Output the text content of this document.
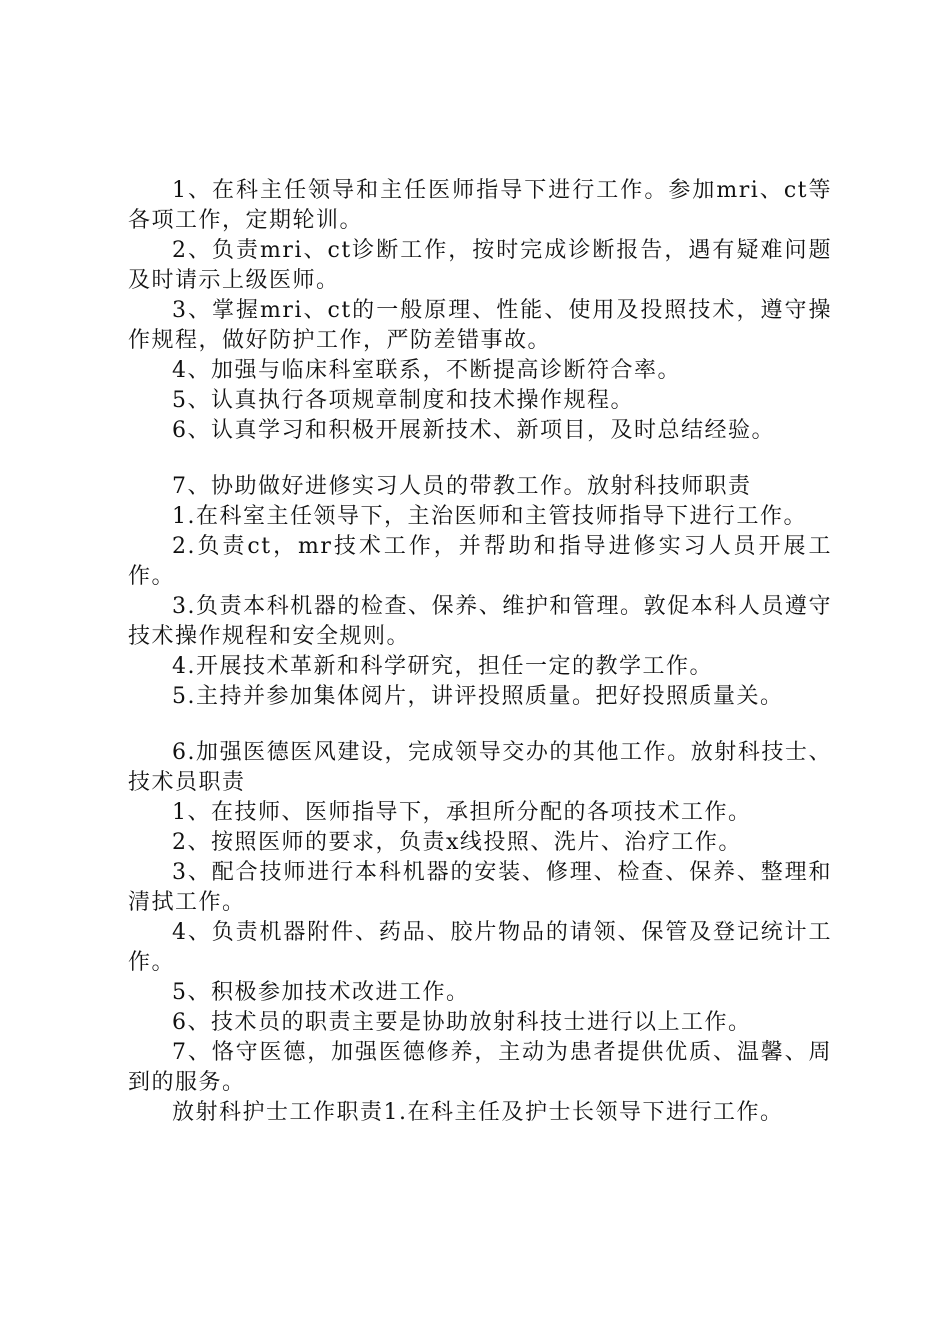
1、在科主任领导和主任医师指导下进行工作。参加mri、ct等各项工作，定期轮训。

2、负责mri、ct诊断工作，按时完成诊断报告，遇有疑难问题及时请示上级医师。

3、掌握mri、ct的一般原理、性能、使用及投照技术，遵守操作规程，做好防护工作，严防差错事故。

4、加强与临床科室联系，不断提高诊断符合率。

5、认真执行各项规章制度和技术操作规程。

6、认真学习和积极开展新技术、新项目，及时总结经验。

7、协助做好进修实习人员的带教工作。放射科技师职责

1.在科室主任领导下，主治医师和主管技师指导下进行工作。

2.负责ct，mr技术工作，并帮助和指导进修实习人员开展工作。

3.负责本科机器的检查、保养、维护和管理。敦促本科人员遵守技术操作规程和安全规则。

4.开展技术革新和科学研究，担任一定的教学工作。

5.主持并参加集体阅片，讲评投照质量。把好投照质量关。

6.加强医德医风建设，完成领导交办的其他工作。放射科技士、技术员职责

1、在技师、医师指导下，承担所分配的各项技术工作。

2、按照医师的要求，负责x线投照、洗片、治疗工作。

3、配合技师进行本科机器的安装、修理、检查、保养、整理和清拭工作。

4、负责机器附件、药品、胶片物品的请领、保管及登记统计工作。

5、积极参加技术改进工作。

6、技术员的职责主要是协助放射科技士进行以上工作。

7、恪守医德，加强医德修养，主动为患者提供优质、温馨、周到的服务。

放射科护士工作职责1.在科主任及护士长领导下进行工作。
